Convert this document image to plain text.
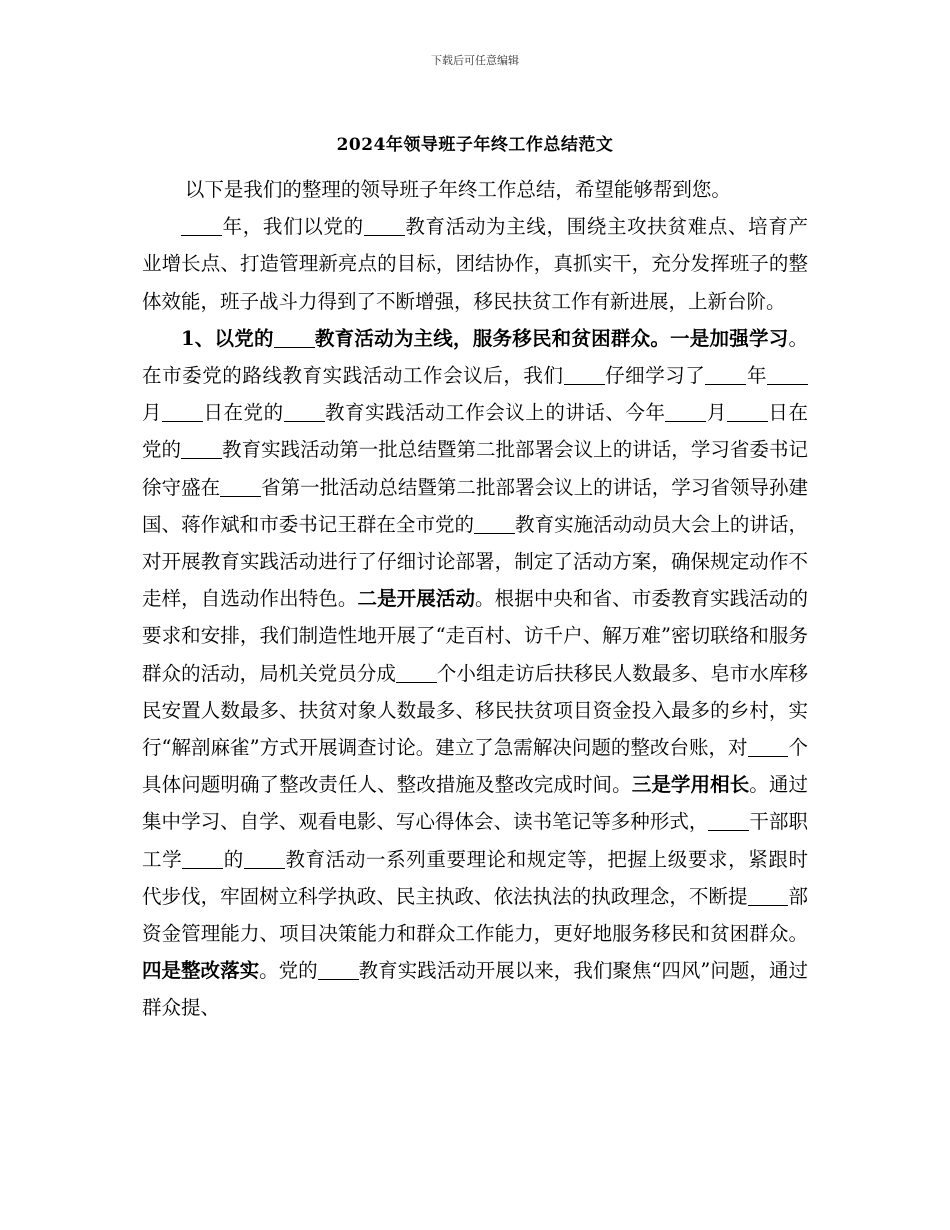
下载后可任意编辑
2024年领导班子年终工作总结范文

以下是我们的整理的领导班子年终工作总结，希望能够帮到您。

年，我们以党的 教育活动为主线，围绕主攻扶贫难点、培育产业增长点、打造管理新亮点的目标，团结协作，真抓实干，充分发挥班子的整体效能，班子战斗力得到了不断增强，移民扶贫工作有新进展，上新台阶。

1、以党的 教育活动为主线，服务移民和贫困群众。一是加强学习。在市委党的路线教育实践活动工作会议后，我们 仔细学习了 年月 日在党的 教育实践活动工作会议上的讲话、今年 月 日在党的 教育实践活动第一批总结暨第二批部署会议上的讲话，学习省委书记徐守盛在 省第一批活动总结暨第二批部署会议上的讲话，学习省领导孙建国、蒋作斌和市委书记王群在全市党的 教育实施活动动员大会上的讲话，对开展教育实践活动进行了仔细讨论部署，制定了活动方案，确保规定动作不走样，自选动作出特色。二是开展活动。根据中央和省、市委教育实践活动的要求和安排，我们制造性地开展了“走百村、访千户、解万难”密切联络和服务群众的活动，局机关党员分成 个小组走访后扶移民人数最多、皂市水库移民安置人数最多、扶贫对象人数最多、移民扶贫项目资金投入最多的乡村，实行“解剖麻雀”方式开展调查讨论。建立了急需解决问题的整改台账，对 个具体问题明确了整改责任人、整改措施及整改完成时间。三是学用相长。通过集中学习、自学、观看电影、写心得体会、读书笔记等多种形式， 干部职工学 的 教育活动一系列重要理论和规定等，把握上级要求，紧跟时代步伐，牢固树立科学执政、民主执政、依法执法的执政理念，不断提 部资金管理能力、项目决策能力和群众工作能力，更好地服务移民和贫困群众。四是整改落实。党的 教育实践活动开展以来，我们聚焦“四风”问题，通过群众提、
